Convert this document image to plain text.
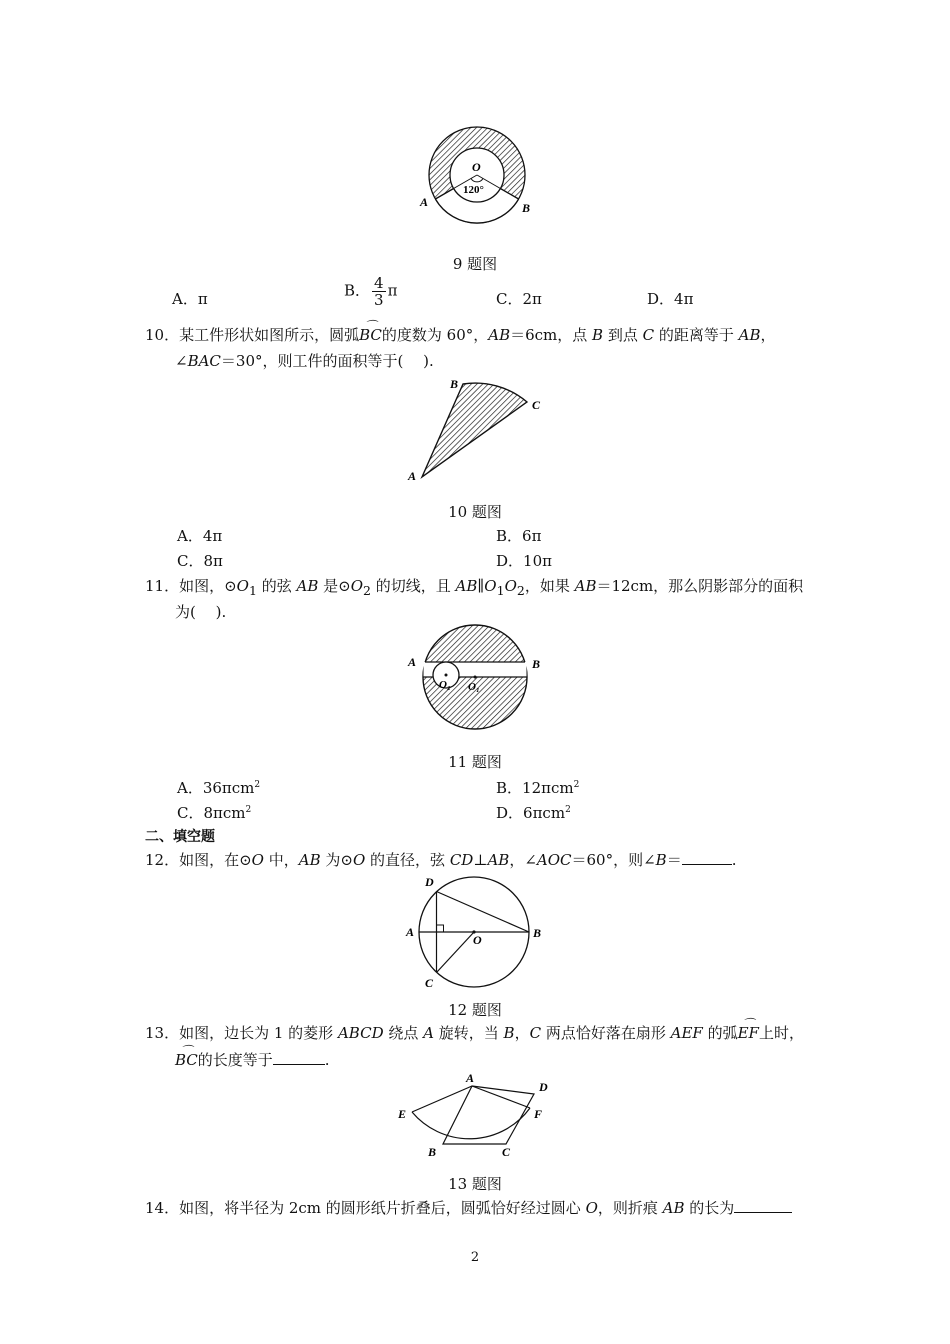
O
120°
A	B
9 题图
A．π	B． $\frac{4}{3}$ π	C．2π	D．4π
10．某工件形状如图所示，圆弧⌒ BC的度数为 60°，AB＝6cm，点 B 到点 C 的距离等于 AB，
∠BAC＝30°，则工件的面积等于(　 ).
A
B
C
10 题图
A．4π	B．6π
C．8π	D．10π
11．如图，$⊙O_1$ 的弦 AB 是$⊙O_2$ 的切线，且 $AB\parallel O_1O_2$，如果 AB＝12cm，那么阴影部分的面积
为(　 ).
A	B
O₂ O₁
11 题图
A．36πcm$^2$	B．12πcm$^2$
C．8πcm$^2$	D．6πcm$^2$
二、填空题
12．如图，在⊙O 中，AB 为⊙O 的直径，弦 CD⊥AB，∠AOC＝60°，则∠B＝	.
A	B
C
D
O
12 题图
13．如图，边长为 1 的菱形 ABCD 绕点 A 旋转，当 B，C 两点恰好落在扇形 AEF 的弧⌒ EF上时，
⌒ BC的长度等于	.
A
B	C
D
E	F
13 题图
14．如图，将半径为 2cm 的圆形纸片折叠后，圆弧恰好经过圆心 O，则折痕 AB 的长为
2
